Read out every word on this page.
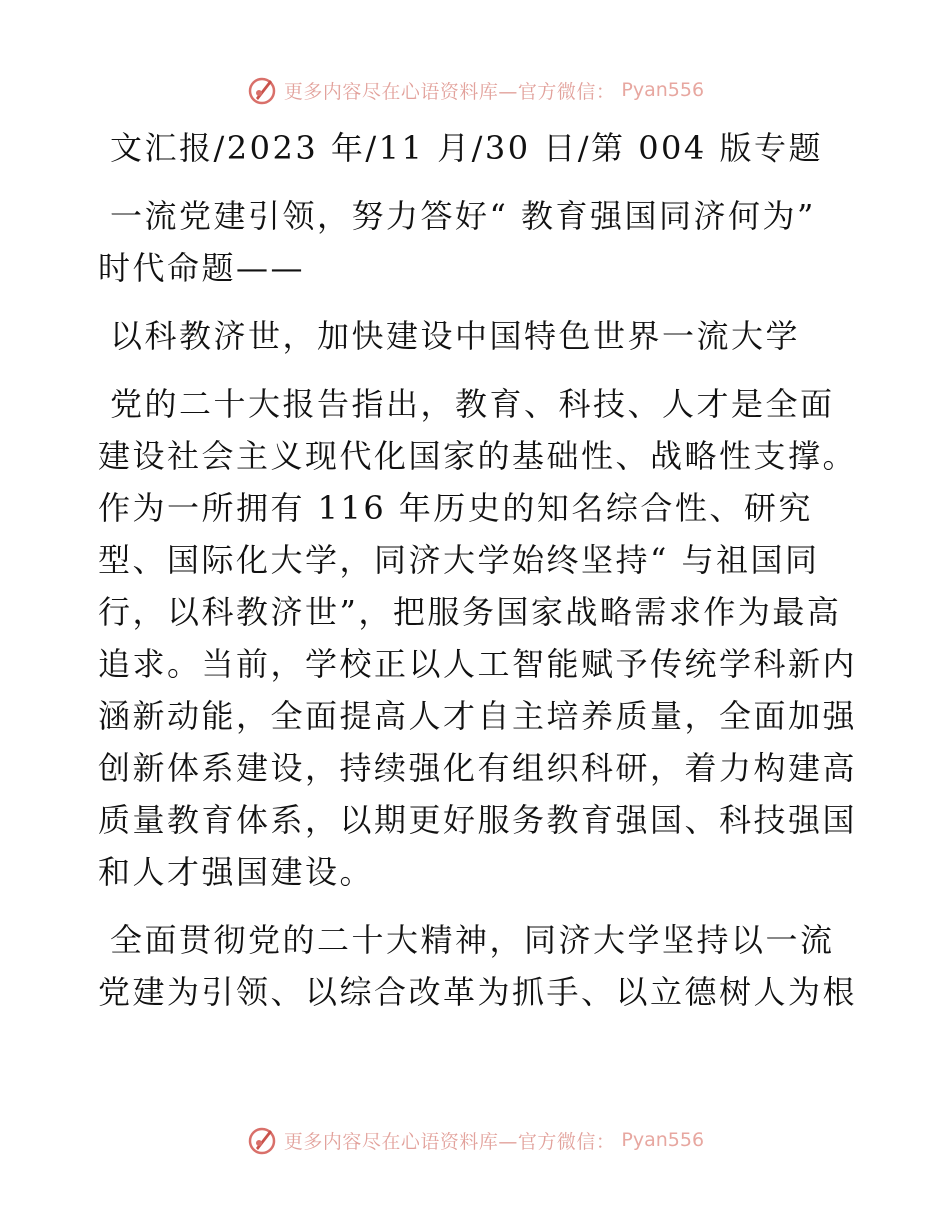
更多内容尽在心语资料库—官方微信： Pyan556
文汇报/2023 年/11 月/30 日/第 004 版专题
一流党建引领，努力答好“ 教育强国同济何为”
时代命题——
以科教济世，加快建设中国特色世界一流大学
党的二十大报告指出，教育、科技、人才是全面
建设社会主义现代化国家的基础性、战略性支撑。
作为一所拥有 116 年历史的知名综合性、研究
型、国际化大学，同济大学始终坚持“ 与祖国同
行，以科教济世”，把服务国家战略需求作为最高
追求。当前，学校正以人工智能赋予传统学科新内
涵新动能，全面提高人才自主培养质量，全面加强
创新体系建设，持续强化有组织科研，着力构建高
质量教育体系，以期更好服务教育强国、科技强国
和人才强国建设。
全面贯彻党的二十大精神，同济大学坚持以一流
党建为引领、以综合改革为抓手、以立德树人为根
更多内容尽在心语资料库—官方微信： Pyan556
